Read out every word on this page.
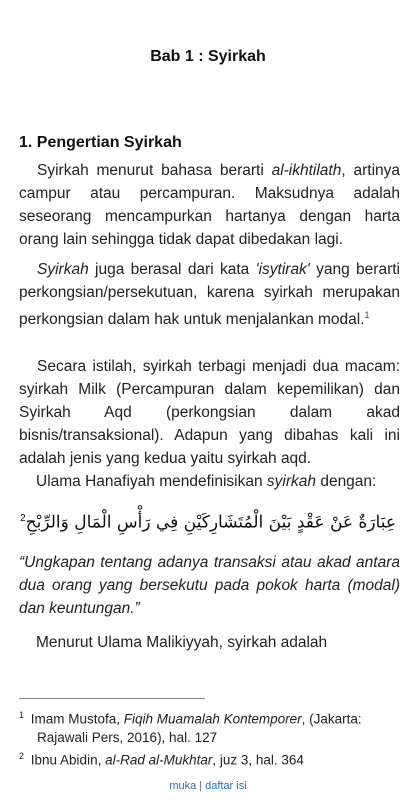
Bab 1 : Syirkah
1. Pengertian Syirkah

Syirkah menurut bahasa berarti al-ikhtilath, artinya campur atau percampuran. Maksudnya adalah seseorang mencampurkan hartanya dengan harta orang lain sehingga tidak dapat dibedakan lagi.

Syirkah juga berasal dari kata 'isytirak' yang berarti perkongsian/persekutuan, karena syirkah merupakan perkongsian dalam hak untuk menjalankan modal.$^1$

Secara istilah, syirkah terbagi menjadi dua macam: syirkah Milk (Percampuran dalam kepemilikan) dan Syirkah Aqd (perkongsian dalam akad bisnis/transaksional). Adapun yang dibahas kali ini adalah jenis yang kedua yaitu syirkah aqd.

Ulama Hanafiyah mendefinisikan syirkah dengan:

عِبَارَةٌ عَنْ عَقْدٍ بَيْنَ الْمُتَشَارِكَيْنِ فِي رَأْسِ الْمَالِ وَالرِّبْحِ$^2$

“Ungkapan tentang adanya transaksi atau akad antara dua orang yang bersekutu pada pokok harta (modal) dan keuntungan.”

Menurut Ulama Malikiyyah, syirkah adalah

$^1$ Imam Mustofa, Fiqih Muamalah Kontemporer, (Jakarta: Rajawali Pers, 2016), hal. 127

$^2$ Ibnu Abidin, al-Rad al-Mukhtar, juz 3, hal. 364

muka | daftar isi
